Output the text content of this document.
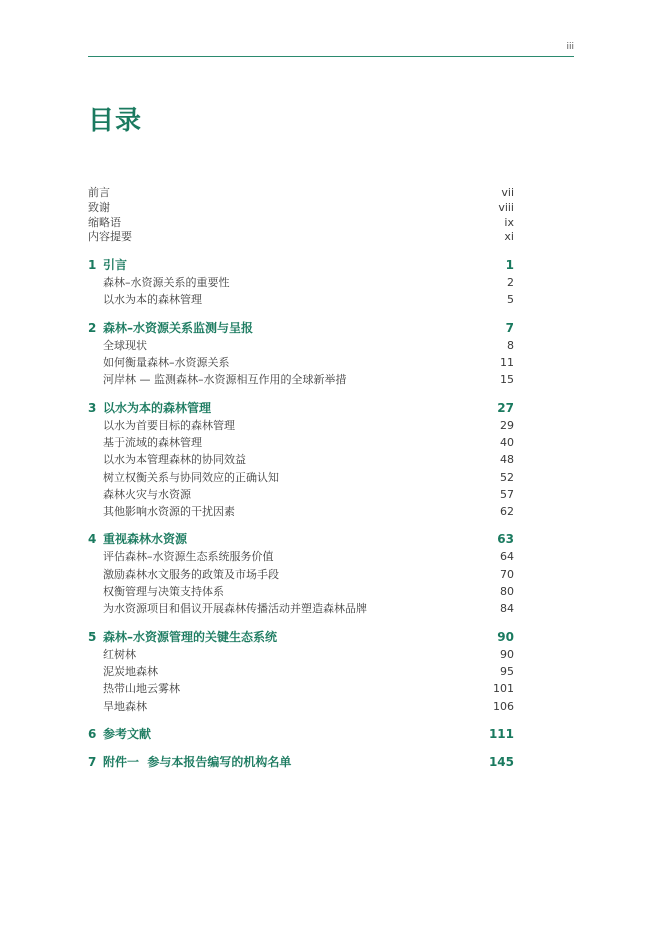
iii
目录
前言	vii
致谢	viii
缩略语	ix
内容提要	xi
1 引言	1
森林–水资源关系的重要性	2
以水为本的森林管理	5
2 森林–水资源关系监测与呈报	7
全球现状	8
如何衡量森林–水资源关系	11
河岸林 — 监测森林–水资源相互作用的全球新举措	15
3 以水为本的森林管理	27
以水为首要目标的森林管理	29
基于流域的森林管理	40
以水为本管理森林的协同效益	48
树立权衡关系与协同效应的正确认知	52
森林火灾与水资源	57
其他影响水资源的干扰因素	62
4 重视森林水资源	63
评估森林–水资源生态系统服务价值	64
激励森林水文服务的政策及市场手段	70
权衡管理与决策支持体系	80
为水资源项目和倡议开展森林传播活动并塑造森林品牌	84
5 森林–水资源管理的关键生态系统	90
红树林	90
泥炭地森林	95
热带山地云雾林	101
旱地森林	106
6 参考文献	111
7 附件一  参与本报告编写的机构名单	145
